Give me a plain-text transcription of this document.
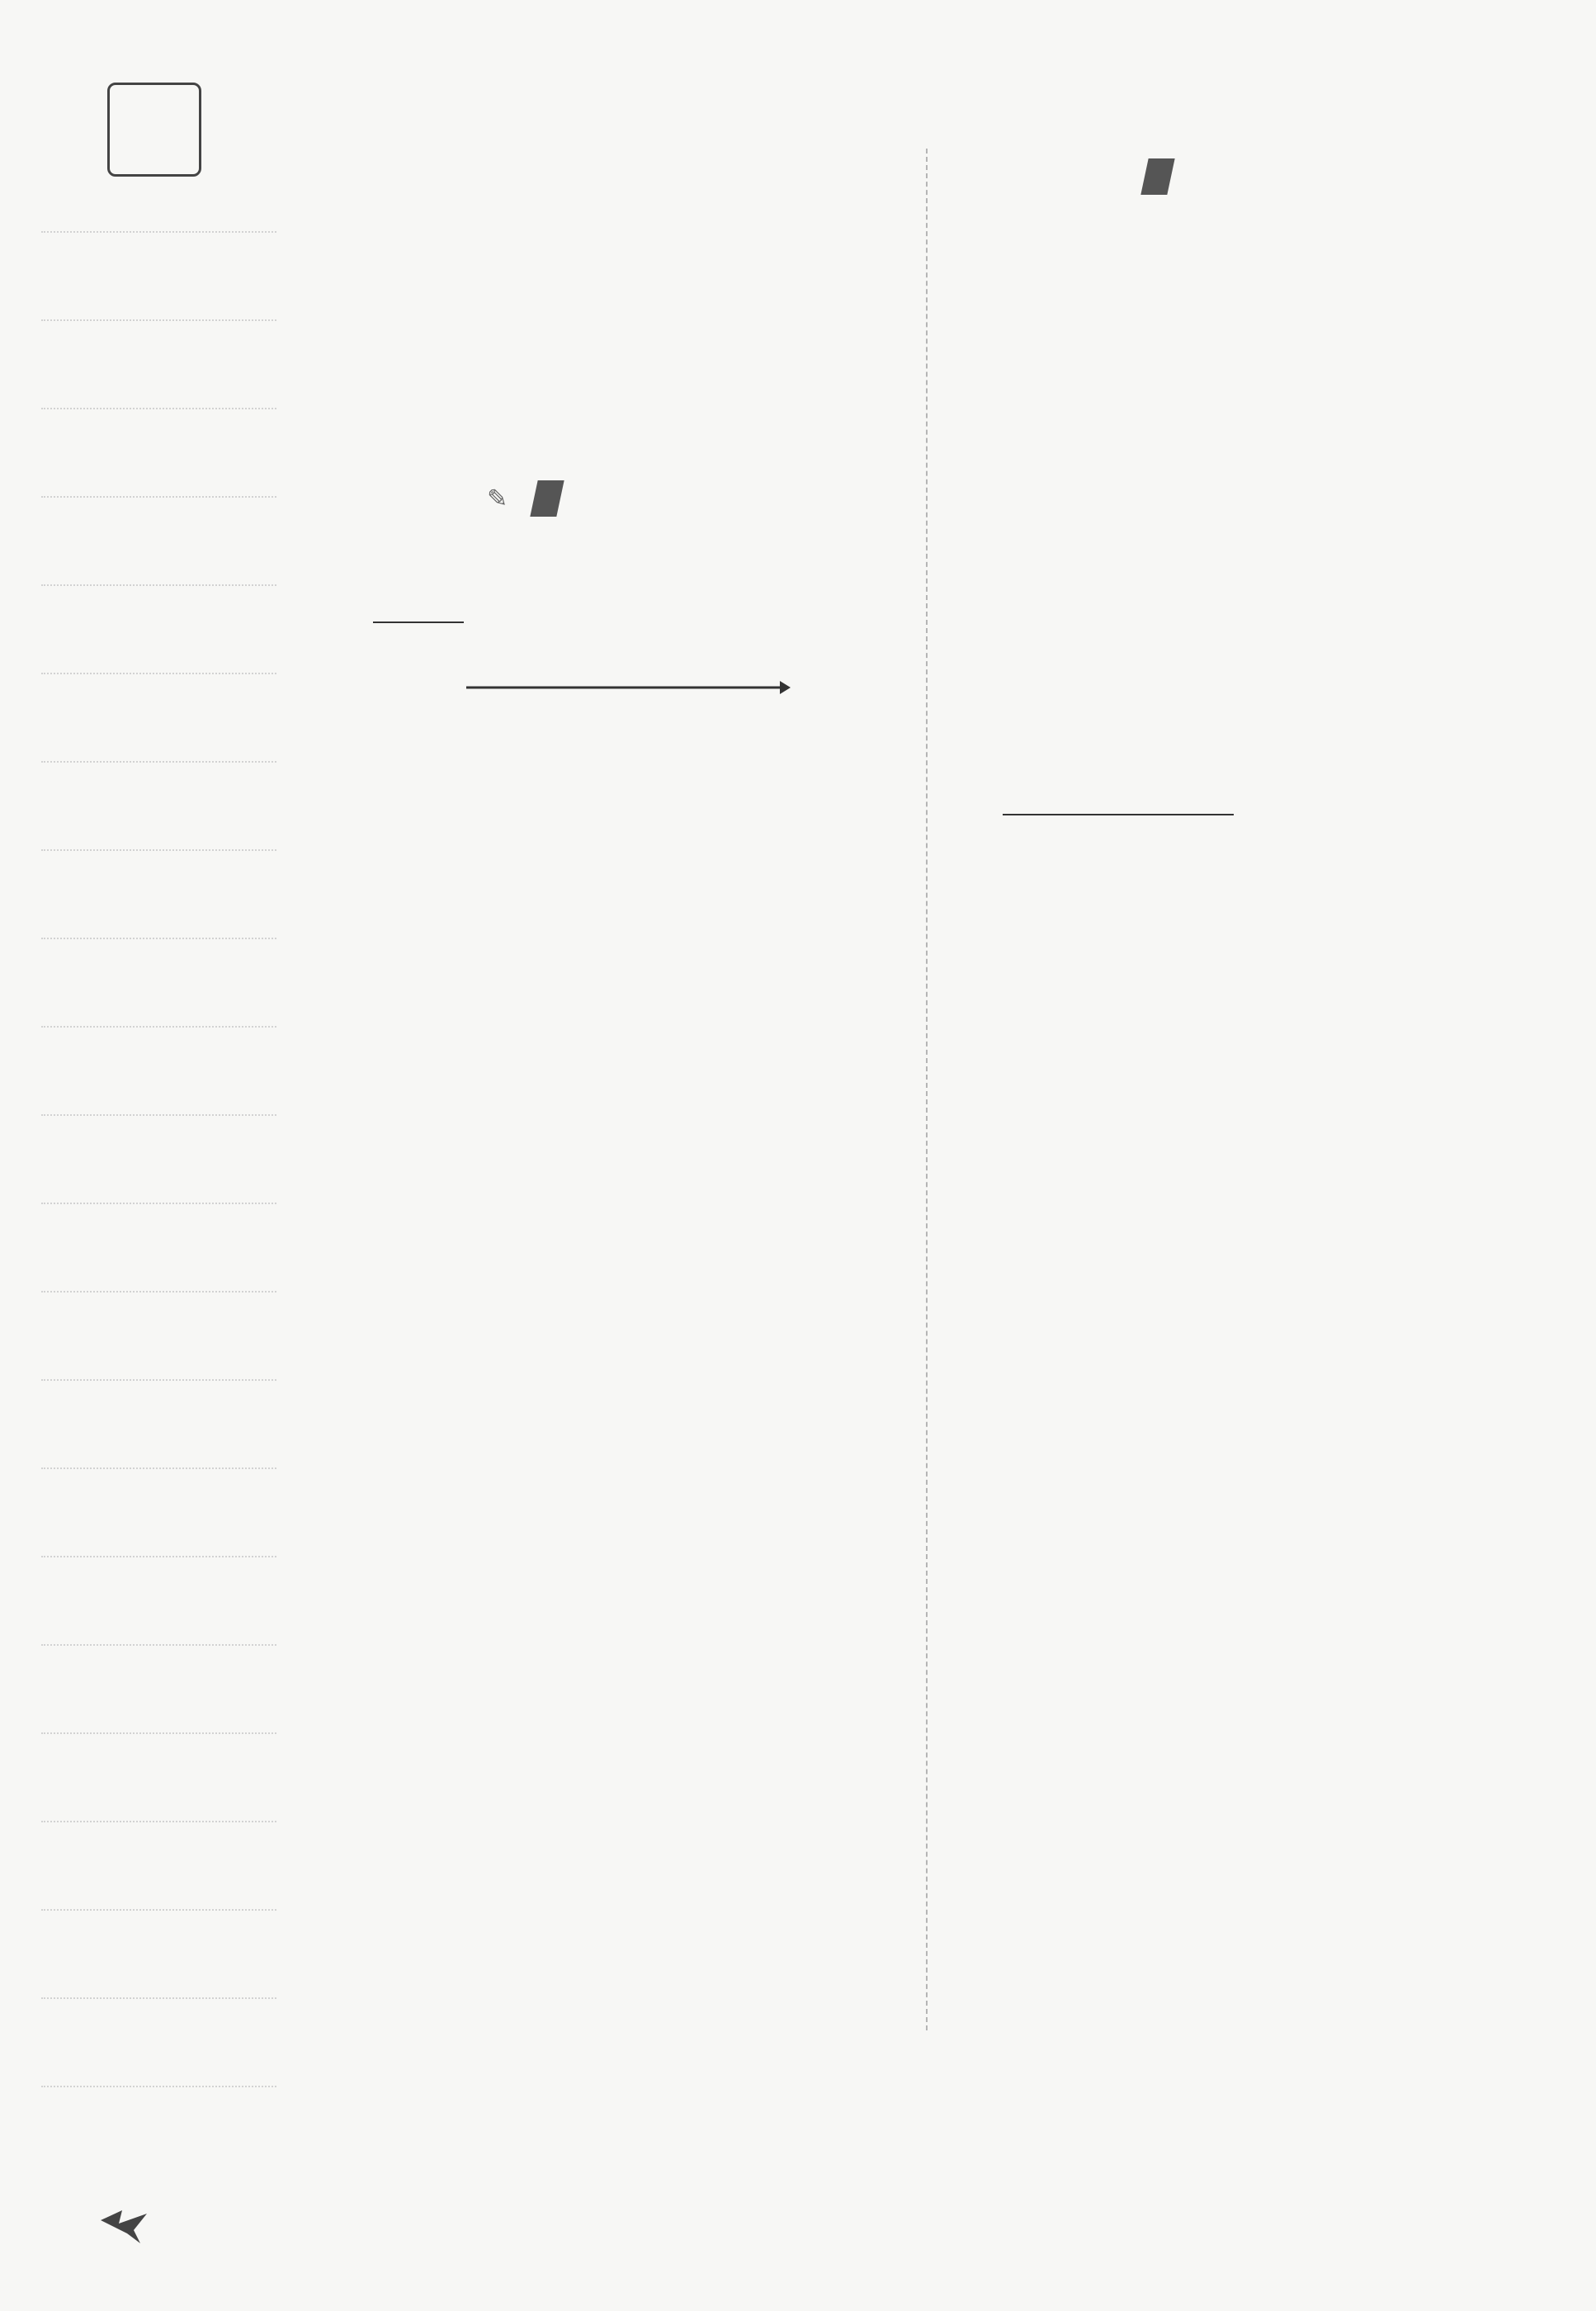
✎
